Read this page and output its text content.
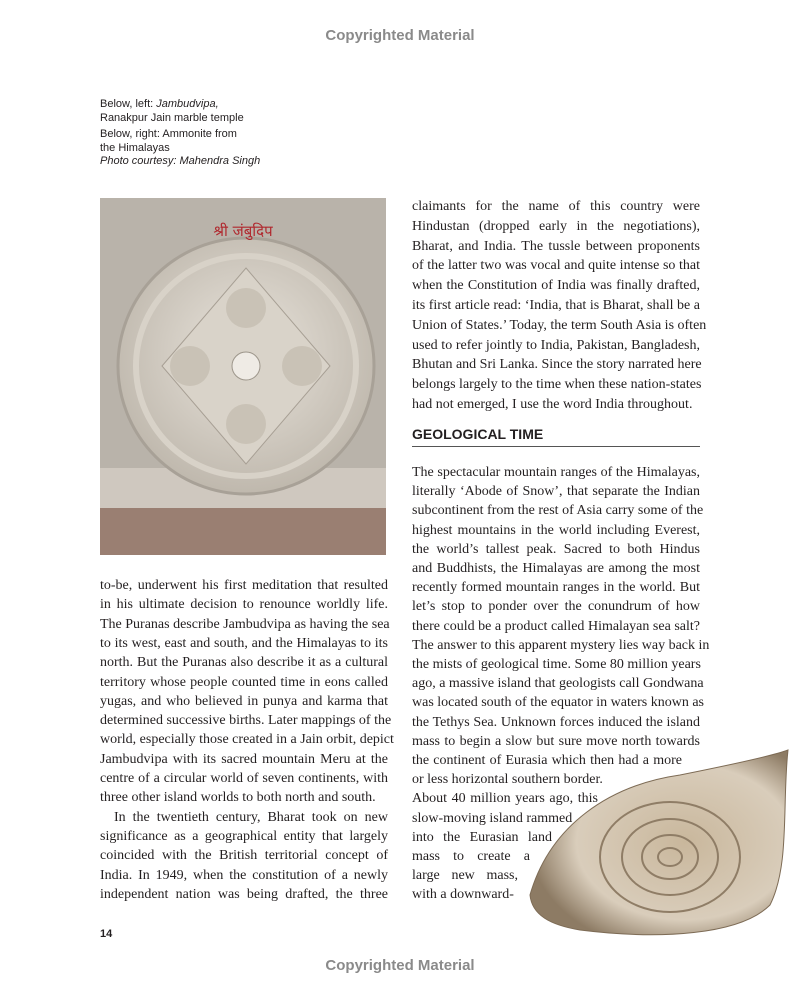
Copyrighted Material
Below, left: Jambudvipa,
Ranakpur Jain marble temple
Below, right: Ammonite from
the Himalayas
Photo courtesy: Mahendra Singh
श्री जंबुदिप
to-be, underwent his first meditation that resulted
in his ultimate decision to renounce worldly life.
The Puranas describe Jambudvipa as having the sea
to its west, east and south, and the Himalayas to its
north. But the Puranas also describe it as a cultural
territory whose people counted time in eons called
yugas, and who believed in punya and karma that
determined successive births. Later mappings of the
world, especially those created in a Jain orbit, depict
Jambudvipa with its sacred mountain Meru at the
centre of a circular world of seven continents, with
three other island worlds to both north and south.
In the twentieth century, Bharat took on new
significance as a geographical entity that largely
coincided with the British territorial concept of
India. In 1949, when the constitution of a newly
independent nation was being drafted, the three
claimants for the name of this country were
Hindustan (dropped early in the negotiations),
Bharat, and India. The tussle between proponents
of the latter two was vocal and quite intense so that
when the Constitution of India was finally drafted,
its first article read: ‘India, that is Bharat, shall be a
Union of States.’ Today, the term South Asia is often
used to refer jointly to India, Pakistan, Bangladesh,
Bhutan and Sri Lanka. Since the story narrated here
belongs largely to the time when these nation-states
had not emerged, I use the word India throughout.
GEOLOGICAL TIME
The spectacular mountain ranges of the Himalayas,
literally ‘Abode of Snow’, that separate the Indian
subcontinent from the rest of Asia carry some of the
highest mountains in the world including Everest,
the world’s tallest peak. Sacred to both Hindus
and Buddhists, the Himalayas are among the most
recently formed mountain ranges in the world. But
let’s stop to ponder over the conundrum of how
there could be a product called Himalayan sea salt?
The answer to this apparent mystery lies way back in
the mists of geological time. Some 80 million years
ago, a massive island that geologists call Gondwana
was located south of the equator in waters known as
the Tethys Sea. Unknown forces induced the island
mass to begin a slow but sure move north towards
the continent of Eurasia which then had a more
or less horizontal southern border.
About 40 million years ago, this
slow-moving island rammed
into the Eurasian land
mass to create a
large new mass,
with a downward-
14
Copyrighted Material
